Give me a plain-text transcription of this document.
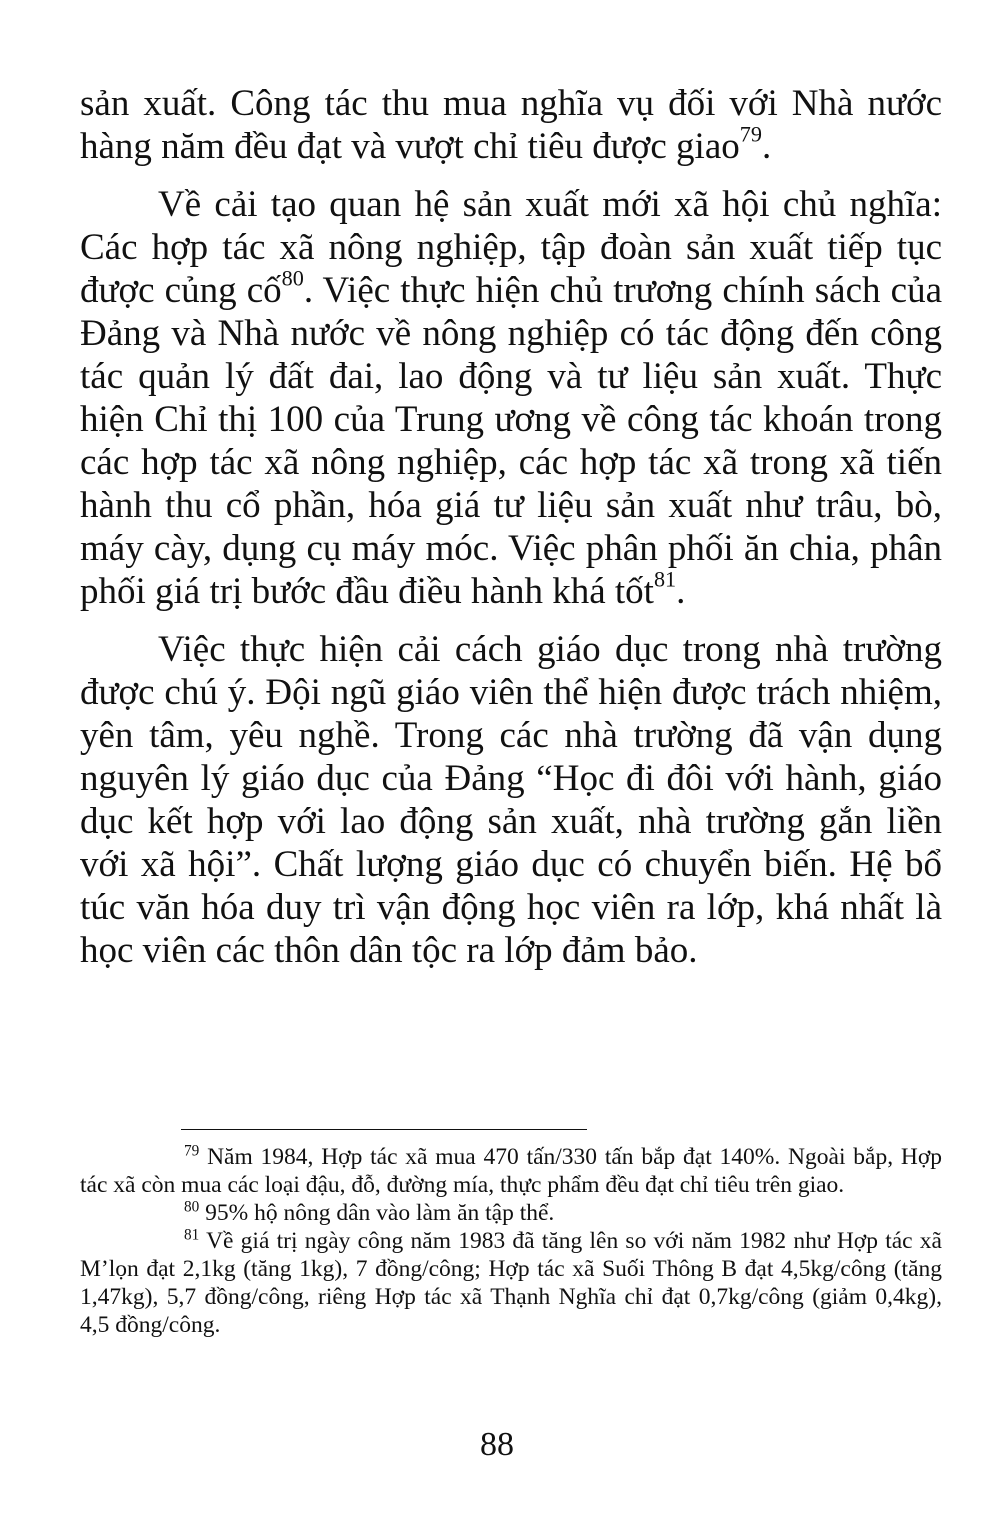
sản xuất. Công tác thu mua nghĩa vụ đối với Nhà nước hàng năm đều đạt và vượt chỉ tiêu được giao$^{79}$.

Về cải tạo quan hệ sản xuất mới xã hội chủ nghĩa: Các hợp tác xã nông nghiệp, tập đoàn sản xuất tiếp tục được củng cố$^{80}$. Việc thực hiện chủ trương chính sách của Đảng và Nhà nước về nông nghiệp có tác động đến công tác quản lý đất đai, lao động và tư liệu sản xuất. Thực hiện Chỉ thị 100 của Trung ương về công tác khoán trong các hợp tác xã nông nghiệp, các hợp tác xã trong xã tiến hành thu cổ phần, hóa giá tư liệu sản xuất như trâu, bò, máy cày, dụng cụ máy móc. Việc phân phối ăn chia, phân phối giá trị bước đầu điều hành khá tốt$^{81}$.

Việc thực hiện cải cách giáo dục trong nhà trường được chú ý. Đội ngũ giáo viên thể hiện được trách nhiệm, yên tâm, yêu nghề. Trong các nhà trường đã vận dụng nguyên lý giáo dục của Đảng “Học đi đôi với hành, giáo dục kết hợp với lao động sản xuất, nhà trường gắn liền với xã hội”. Chất lượng giáo dục có chuyển biến. Hệ bổ túc văn hóa duy trì vận động học viên ra lớp, khá nhất là học viên các thôn dân tộc ra lớp đảm bảo.

$^{79}$ Năm 1984, Hợp tác xã mua 470 tấn/330 tấn bắp đạt 140%. Ngoài bắp, Hợp tác xã còn mua các loại đậu, đỗ, đường mía, thực phẩm đều đạt chỉ tiêu trên giao.

$^{80}$ 95% hộ nông dân vào làm ăn tập thể.

$^{81}$ Về giá trị ngày công năm 1983 đã tăng lên so với năm 1982 như Hợp tác xã M’lọn đạt 2,1kg (tăng 1kg), 7 đồng/công; Hợp tác xã Suối Thông B đạt 4,5kg/công (tăng 1,47kg), 5,7 đồng/công, riêng Hợp tác xã Thạnh Nghĩa chỉ đạt 0,7kg/công (giảm 0,4kg), 4,5 đồng/công.

88
